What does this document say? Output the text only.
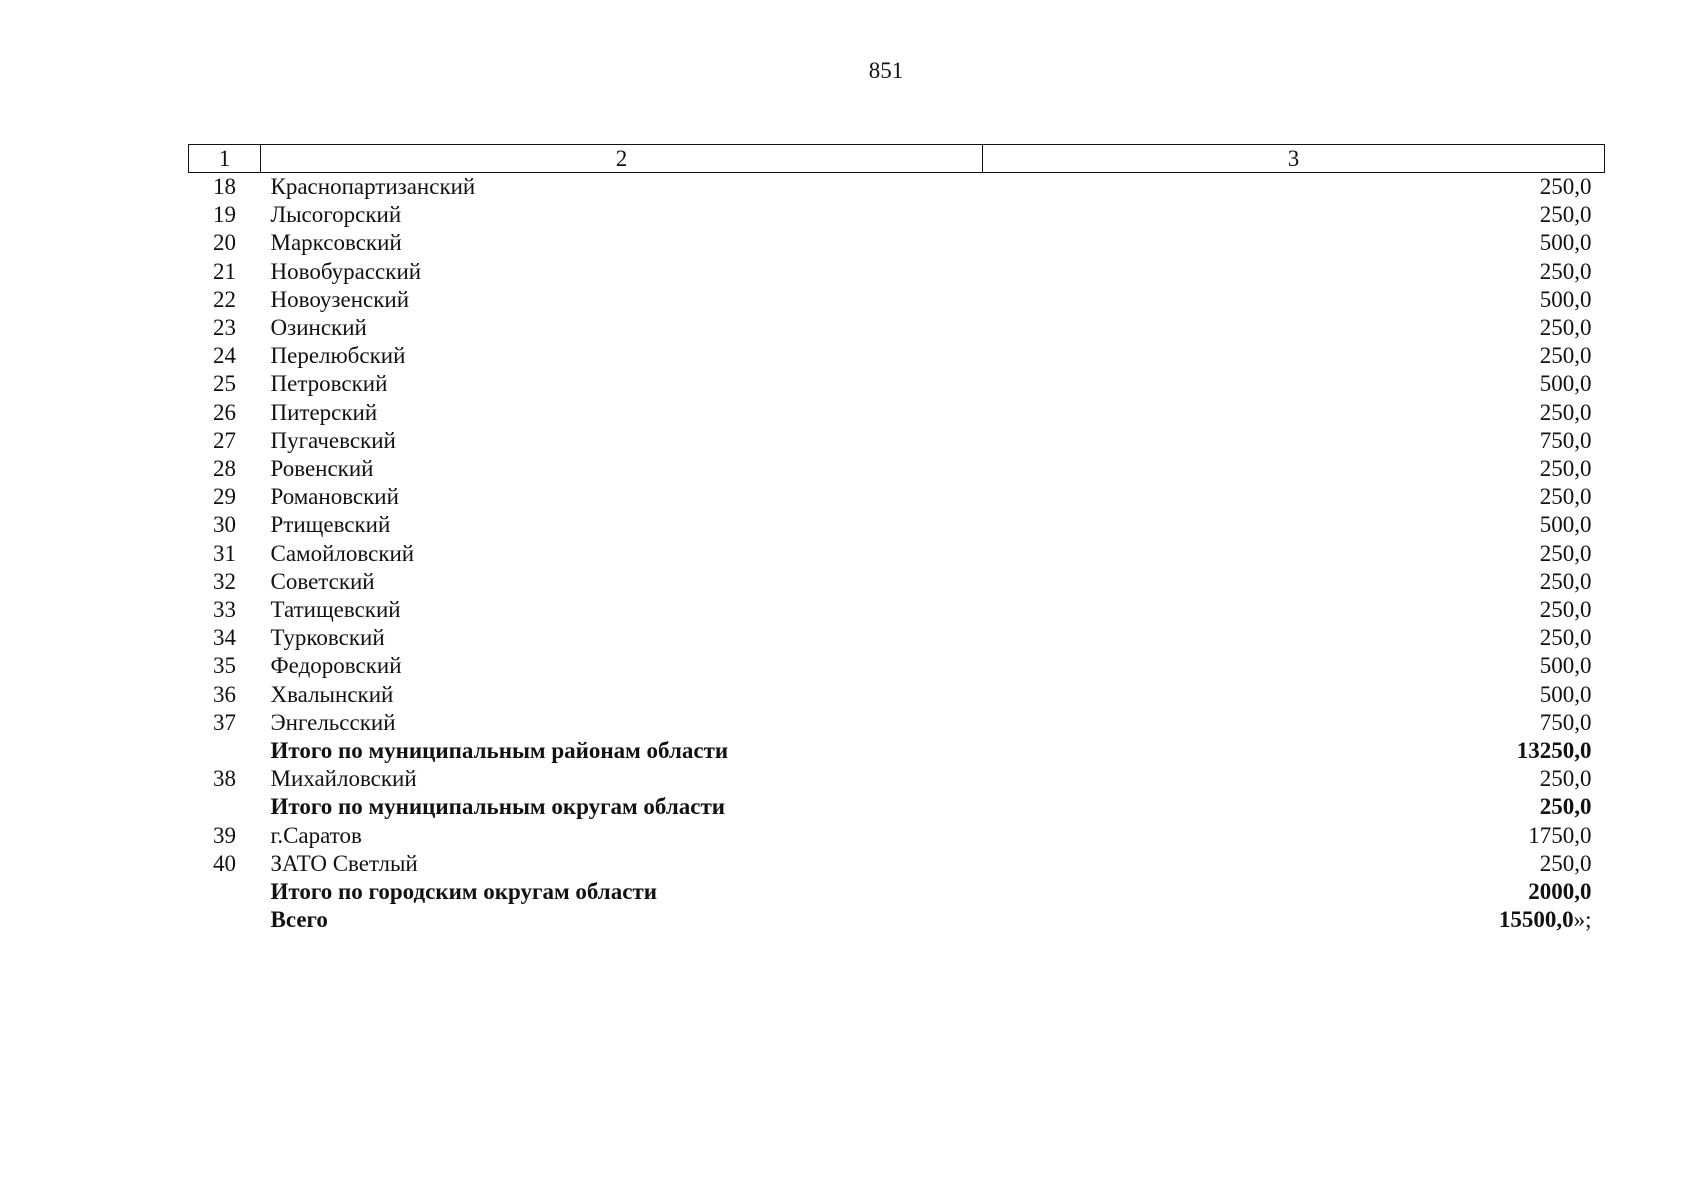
851
1	2	3
18	Краснопартизанский	250,0
19	Лысогорский	250,0
20	Марксовский	500,0
21	Новобурасский	250,0
22	Новоузенский	500,0
23	Озинский	250,0
24	Перелюбский	250,0
25	Петровский	500,0
26	Питерский	250,0
27	Пугачевский	750,0
28	Ровенский	250,0
29	Романовский	250,0
30	Ртищевский	500,0
31	Самойловский	250,0
32	Советский	250,0
33	Татищевский	250,0
34	Турковский	250,0
35	Федоровский	500,0
36	Хвалынский	500,0
37	Энгельсский	750,0
	Итого по муниципальным районам области	13250,0
38	Михайловский	250,0
	Итого по муниципальным округам области	250,0
39	г.Саратов	1750,0
40	ЗАТО Светлый	250,0
	Итого по городским округам области	2000,0
	Всего	15500,0»;
